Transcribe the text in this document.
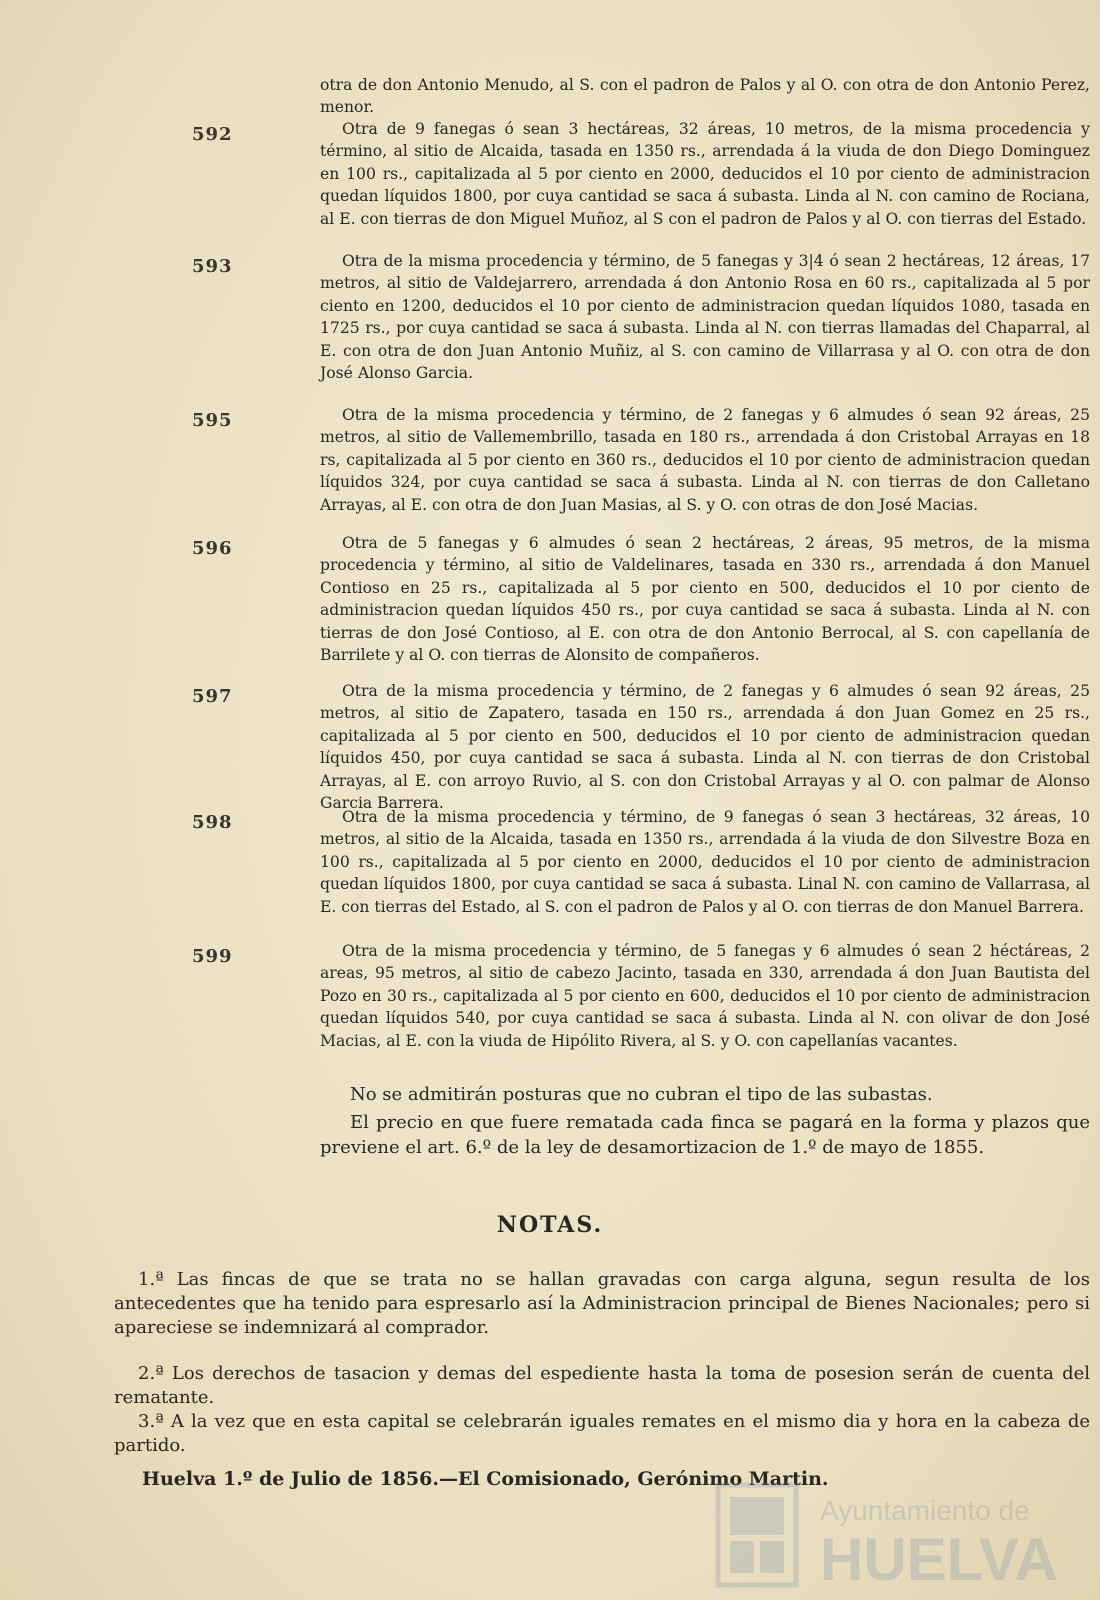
otra de don Antonio Menudo, al S. con el padron de Palos y al O. con otra de don Antonio Perez, menor.

592	Otra de 9 fanegas ó sean 3 hectáreas, 32 áreas, 10 metros, de la misma procedencia y término, al sitio de Alcaida, tasada en 1350 rs., arrendada á la viuda de don Diego Dominguez en 100 rs., capitalizada al 5 por ciento en 2000, deducidos el 10 por ciento de administracion quedan líquidos 1800, por cuya cantidad se saca á subasta. Linda al N. con camino de Rociana, al E. con tierras de don Miguel Muñoz, al S con el padron de Palos y al O. con tierras del Estado.

593	Otra de la misma procedencia y término, de 5 fanegas y 3|4 ó sean 2 hectáreas, 12 áreas, 17 metros, al sitio de Valdejarrero, arrendada á don Antonio Rosa en 60 rs., capitalizada al 5 por ciento en 1200, deducidos el 10 por ciento de administracion quedan líquidos 1080, tasada en 1725 rs., por cuya cantidad se saca á subasta. Linda al N. con tierras llamadas del Chaparral, al E. con otra de don Juan Antonio Muñiz, al S. con camino de Villarrasa y al O. con otra de don José Alonso Garcia.

595	Otra de la misma procedencia y término, de 2 fanegas y 6 almudes ó sean 92 áreas, 25 metros, al sitio de Vallemembrillo, tasada en 180 rs., arrendada á don Cristobal Arrayas en 18 rs, capitalizada al 5 por ciento en 360 rs., deducidos el 10 por ciento de administracion quedan líquidos 324, por cuya cantidad se saca á subasta. Linda al N. con tierras de don Calletano Arrayas, al E. con otra de don Juan Masias, al S. y O. con otras de don José Macias.

596	Otra de 5 fanegas y 6 almudes ó sean 2 hectáreas, 2 áreas, 95 metros, de la misma procedencia y término, al sitio de Valdelinares, tasada en 330 rs., arrendada á don Manuel Contioso en 25 rs., capitalizada al 5 por ciento en 500, deducidos el 10 por ciento de administracion quedan líquidos 450 rs., por cuya cantidad se saca á subasta. Linda al N. con tierras de don José Contioso, al E. con otra de don Antonio Berrocal, al S. con capellanía de Barrilete y al O. con tierras de Alonsito de compañeros.

597	Otra de la misma procedencia y término, de 2 fanegas y 6 almudes ó sean 92 áreas, 25 metros, al sitio de Zapatero, tasada en 150 rs., arrendada á don Juan Gomez en 25 rs., capitalizada al 5 por ciento en 500, deducidos el 10 por ciento de administracion quedan líquidos 450, por cuya cantidad se saca á subasta. Linda al N. con tierras de don Cristobal Arrayas, al E. con arroyo Ruvio, al S. con don Cristobal Arrayas y al O. con palmar de Alonso Garcia Barrera.

598	Otra de la misma procedencia y término, de 9 fanegas ó sean 3 hectáreas, 32 áreas, 10 metros, al sitio de la Alcaida, tasada en 1350 rs., arrendada á la viuda de don Silvestre Boza en 100 rs., capitalizada al 5 por ciento en 2000, deducidos el 10 por ciento de administracion quedan líquidos 1800, por cuya cantidad se saca á subasta. Linal N. con camino de Vallarrasa, al E. con tierras del Estado, al S. con el padron de Palos y al O. con tierras de don Manuel Barrera.

599	Otra de la misma procedencia y término, de 5 fanegas y 6 almudes ó sean 2 héctáreas, 2 areas, 95 metros, al sitio de cabezo Jacinto, tasada en 330, arrendada á don Juan Bautista del Pozo en 30 rs., capitalizada al 5 por ciento en 600, deducidos el 10 por ciento de administracion quedan líquidos 540, por cuya cantidad se saca á subasta. Linda al N. con olivar de don José Macias, al E. con la viuda de Hipólito Rivera, al S. y O. con capellanías vacantes.

No se admitirán posturas que no cubran el tipo de las subastas.

El precio en que fuere rematada cada finca se pagará en la forma y plazos que previene el art. 6.º de la ley de desamortizacion de 1.º de mayo de 1855.

NOTAS.

1.ª Las fincas de que se trata no se hallan gravadas con carga alguna, segun resulta de los antecedentes que ha tenido para espresarlo así la Administracion principal de Bienes Nacionales; pero si apareciese se indemnizará al comprador.

2.ª Los derechos de tasacion y demas del espediente hasta la toma de posesion serán de cuenta del rematante.

3.ª A la vez que en esta capital se celebrarán iguales remates en el mismo dia y hora en la cabeza de partido.

Huelva 1.º de Julio de 1856.—El Comisionado, Gerónimo Martin.

Ayuntamiento de
HUELVA
